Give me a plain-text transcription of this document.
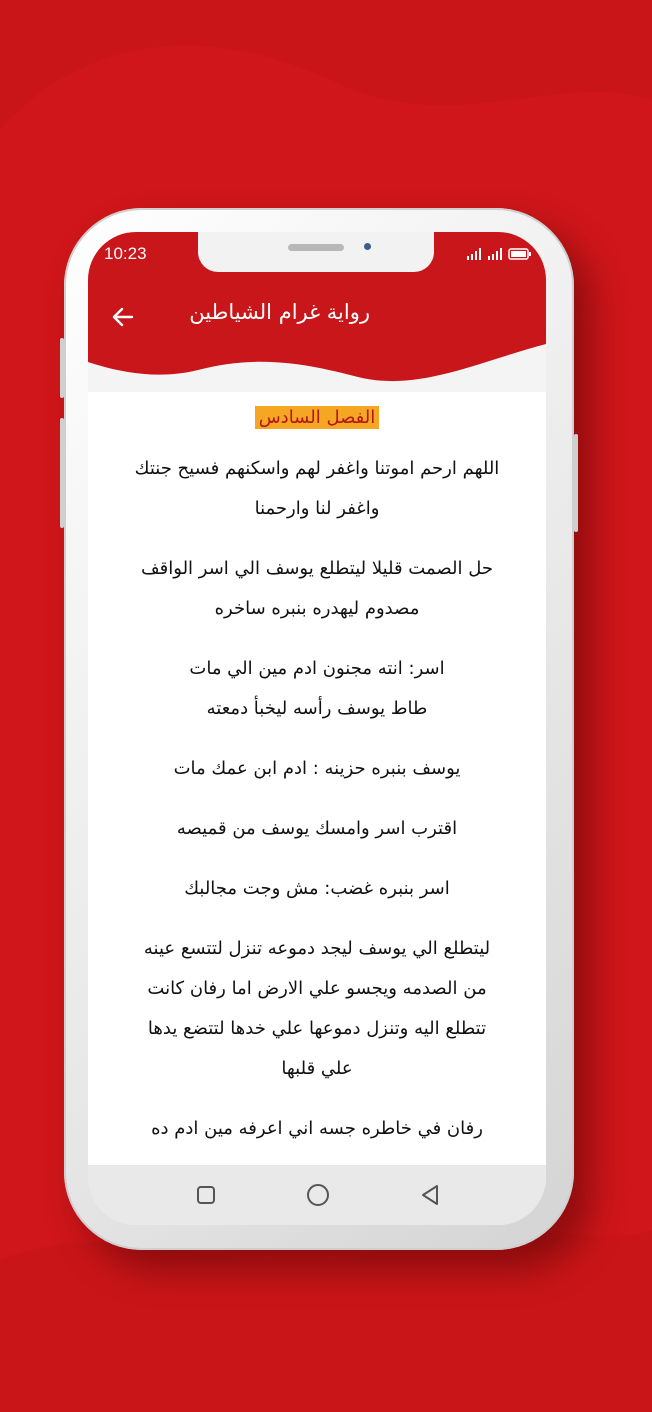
10:23
رواية غرام الشياطين
الفصل السادس

اللهم ارحم اموتنا واغفر لهم واسكنهم فسيح جنتك
واغفر لنا وارحمنا

حل الصمت قليلا ليتطلع يوسف الي اسر الواقف
مصدوم ليهدره بنبره ساخره

اسر: انته مجنون ادم مين الي مات
طاط يوسف رأسه ليخبأ دمعته

يوسف بنبره حزينه : ادم ابن عمك مات

اقترب اسر وامسك يوسف من قميصه

اسر بنبره غضب: مش وجت مجالبك

ليتطلع الي يوسف ليجد دموعه تنزل لتتسع عينه
من الصدمه ويجسو علي الارض اما رفان كانت
تتطلع اليه وتنزل دموعها علي خدها لتتضع يدها
علي قلبها

رفان في خاطره جسه اني اعرفه مين ادم ده
